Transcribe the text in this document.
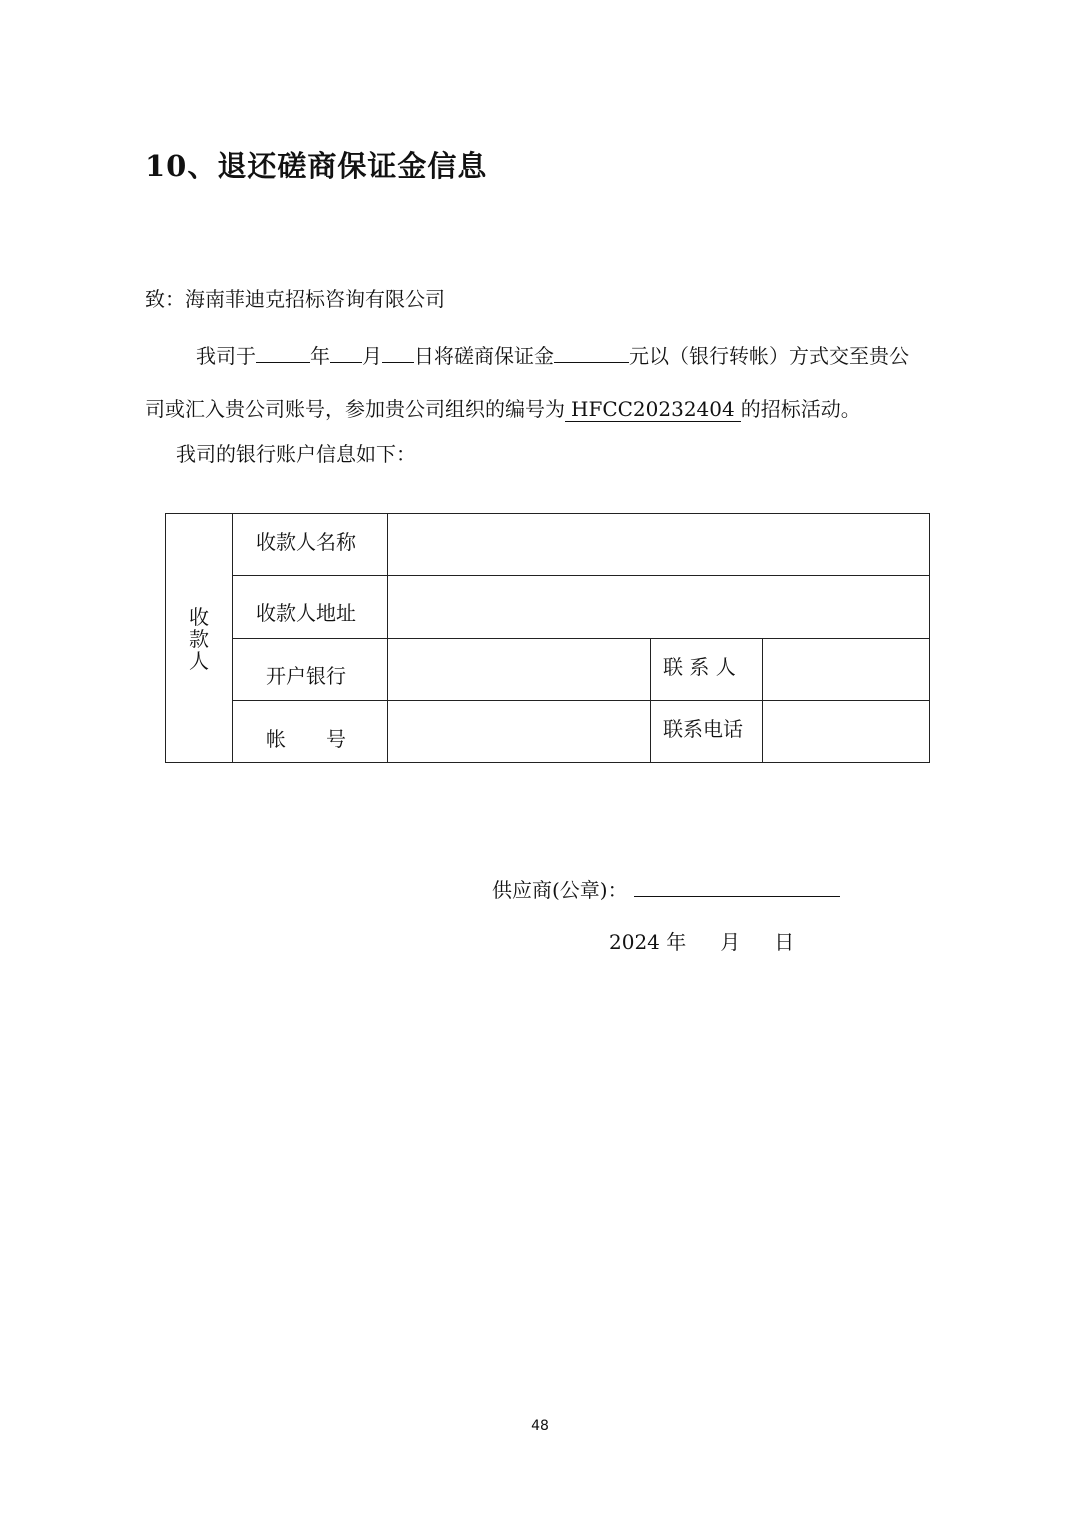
10、退还磋商保证金信息
致：海南菲迪克招标咨询有限公司
我司于	年 月 日将磋商保证金	元以（银行转帐）方式交至贵公
司或汇入贵公司账号，参加贵公司组织的编号为 HFCC20232404 的招标活动。
我司的银行账户信息如下：
收款人
收款人名称
收款人地址
开户银行
帐　　号
联 系 人
联系电话
供应商(公章)：
2024 年 月 日
48
